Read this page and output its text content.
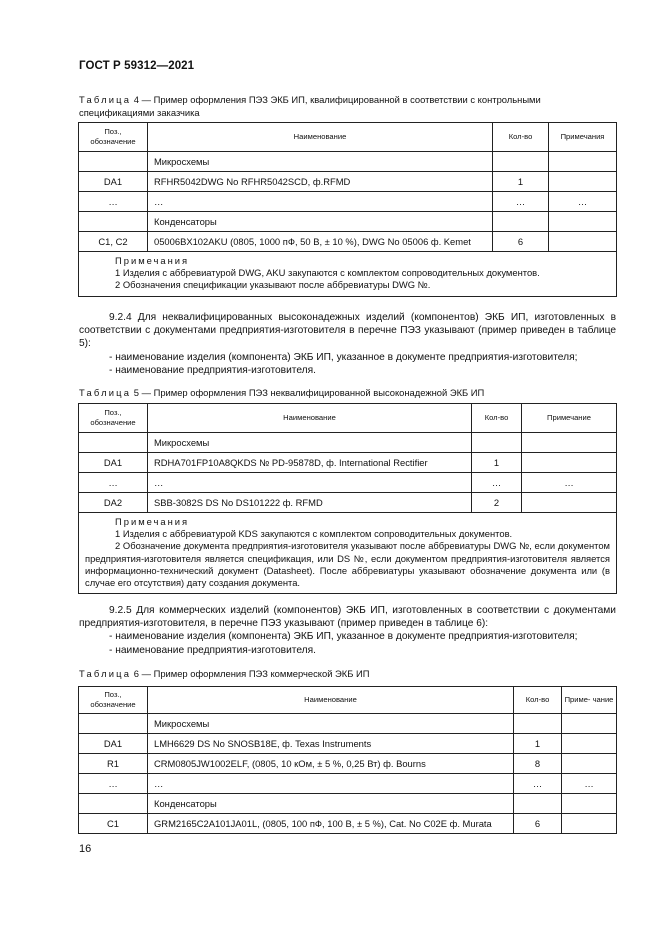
ГОСТ Р 59312—2021
Таблица 4 — Пример оформления ПЭЗ ЭКБ ИП, квалифицированной в соответствии с контрольными спецификациями заказчика
Поз., обозначение	Наименование	Кол-во	Примечания
	Микросхемы		
DA1	RFHR5042DWG No RFHR5042SCD, ф.RFMD	1	
…	…	…	…
	Конденсаторы		
C1, C2	05006BX102AKU (0805, 1000 пФ, 50 В, ± 10 %), DWG No 05006 ф. Kemet	6	

Примечания
1 Изделия с аббревиатурой DWG, AKU закупаются с комплектом сопроводительных документов.
2 Обозначения спецификации указывают после аббревиатуры DWG №.			
9.2.4 Для неквалифицированных высоконадежных изделий (компонентов) ЭКБ ИП, изготовленных в соответствии с документами предприятия-изготовителя в перечне ПЭЗ указывают (пример приведен в таблице 5):
- наименование изделия (компонента) ЭКБ ИП, указанное в документе предприятия-изготовителя;
- наименование предприятия-изготовителя.
Таблица 5 — Пример оформления ПЭЗ неквалифицированной высоконадежной ЭКБ ИП
Поз., обозначение	Наименование	Кол-во	Примечание
	Микросхемы		
DA1	RDHA701FP10A8QKDS № PD-95878D, ф. International Rectifier	1	
…	…	…	…
DA2	SBB-3082S DS No DS101222 ф. RFMD	2	

Примечания
1 Изделия с аббревиатурой KDS закупаются с комплектом сопроводительных документов.
2 Обозначение документа предприятия-изготовителя указывают после аббревиатуры DWG №, если документом предприятия-изготовителя является спецификация, или DS №, если документом предприятия-изготовителя является информационно-технический документ (Datasheet). После аббревиатуры указывают обозначение документа или (в случае его отсутствия) дату создания документа.			
9.2.5 Для коммерческих изделий (компонентов) ЭКБ ИП, изготовленных в соответствии с документами предприятия-изготовителя, в перечне ПЭЗ указывают (пример приведен в таблице 6):
- наименование изделия (компонента) ЭКБ ИП, указанное в документе предприятия-изготовителя;
- наименование предприятия-изготовителя.
Таблица 6 — Пример оформления ПЭЗ коммерческой ЭКБ ИП
Поз., обозначение	Наименование	Кол-во	Приме- чание
	Микросхемы		
DA1	LMH6629 DS No SNOSB18E, ф. Texas Instruments	1	
R1	CRM0805JW1002ELF, (0805, 10 кОм, ± 5 %, 0,25 Вт) ф. Bourns	8	
…	…	…	…
	Конденсаторы		
C1	GRM2165C2A101JA01L, (0805, 100 пФ, 100 В, ± 5 %), Cat. No C02E ф. Murata	6	
16
